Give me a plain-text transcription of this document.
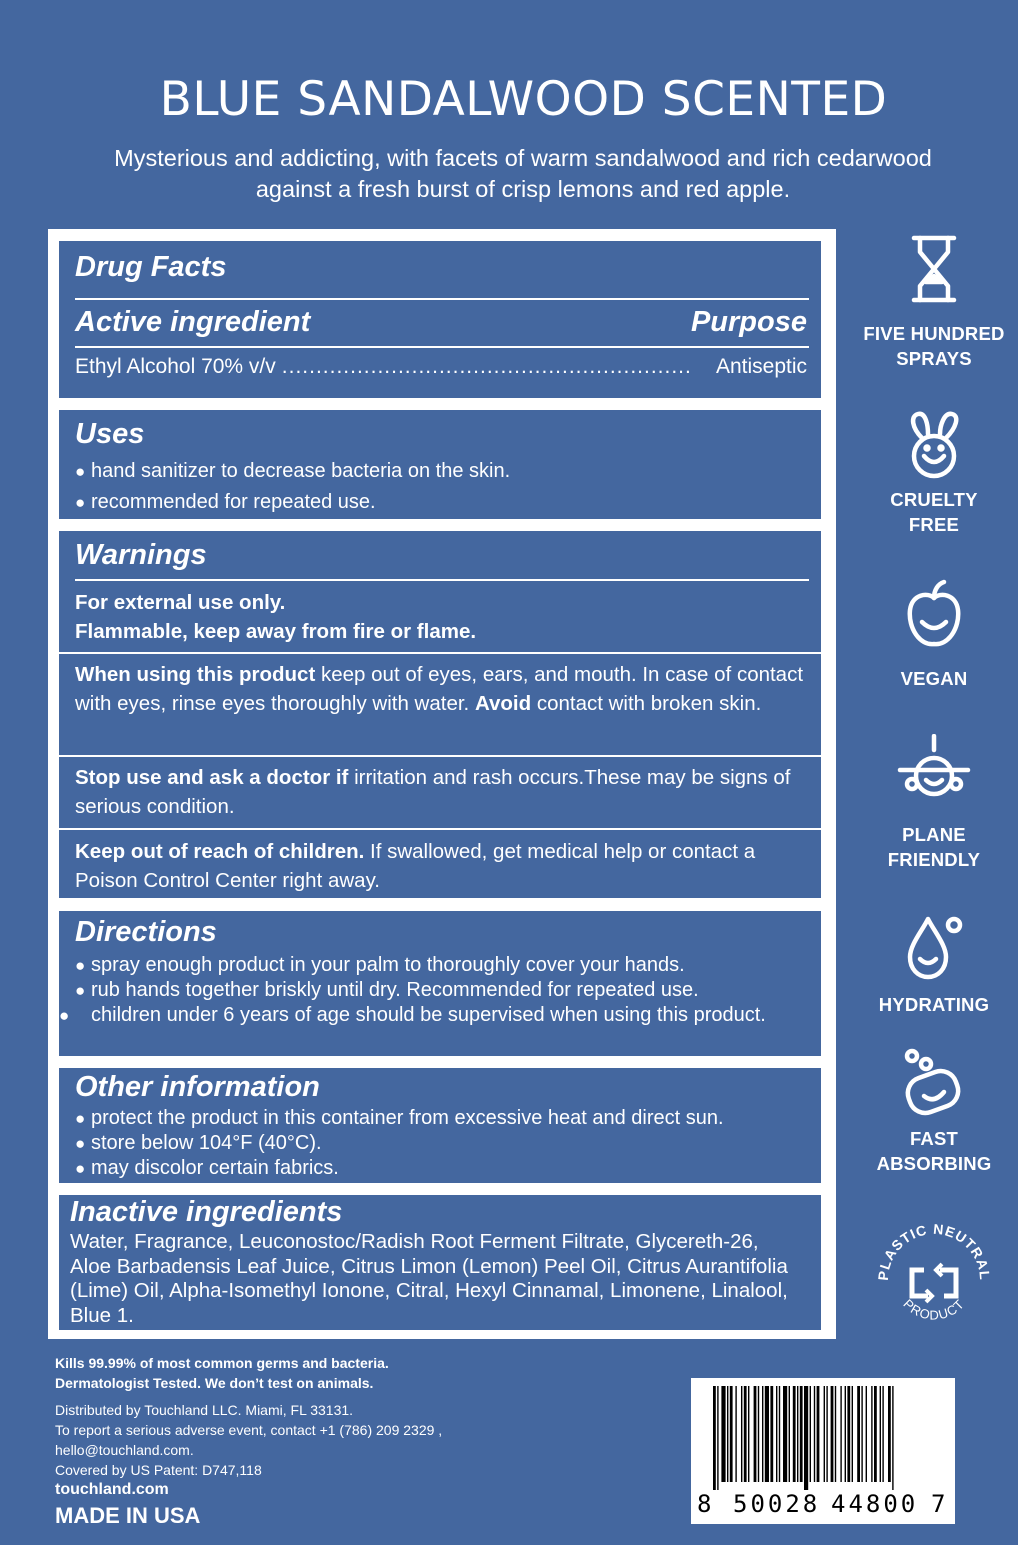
BLUE SANDALWOOD SCENTED
Mysterious and addicting, with facets of warm sandalwood and rich cedarwood against a fresh burst of crisp lemons and red apple.
Drug Facts
Active ingredient	Purpose
Ethyl Alcohol 70% v/v ............................................................	Antiseptic
Uses

● hand sanitizer to decrease bacteria on the skin.

● recommended for repeated use.

Warnings

For external use only.

Flammable, keep away from fire or flame.

When using this product keep out of eyes, ears, and mouth. In case of contact with eyes, rinse eyes thoroughly with water. Avoid contact with broken skin.

Stop use and ask a doctor if irritation and rash occurs.These may be signs of serious condition.

Keep out of reach of children. If swallowed, get medical help or contact a Poison Control Center right away.

Directions

● spray enough product in your palm to thoroughly cover your hands.

● rub hands together briskly until dry. Recommended for repeated use.

● children under 6 years of age should be supervised when using this product.

Other information

● protect the product in this container from excessive heat and direct sun.

● store below 104°F (40°C).

● may discolor certain fabrics.

Inactive ingredients
Water, Fragrance, Leuconostoc/Radish Root Ferment Filtrate, Glycereth-26, Aloe Barbadensis Leaf Juice, Citrus Limon (Lemon) Peel Oil, Citrus Aurantifolia (Lime) Oil, Alpha-Isomethyl Ionone, Citral, Hexyl Cinnamal, Limonene, Linalool, Blue 1.
FIVE HUNDRED
SPRAYS
CRUELTY
FREE
VEGAN
PLANE
FRIENDLY
HYDRATING
FAST
ABSORBING
PLASTIC NEUTRAL
PRODUCT
Kills 99.99% of most common germs and bacteria.
Dermatologist Tested. We don’t test on animals.
Distributed by Touchland LLC. Miami, FL 33131.
To report a serious adverse event, contact +1 (786) 209 2329 ,
hello@touchland.com.
Covered by US Patent: D747,118
touchland.com
MADE IN USA	8 50028 44800 7
